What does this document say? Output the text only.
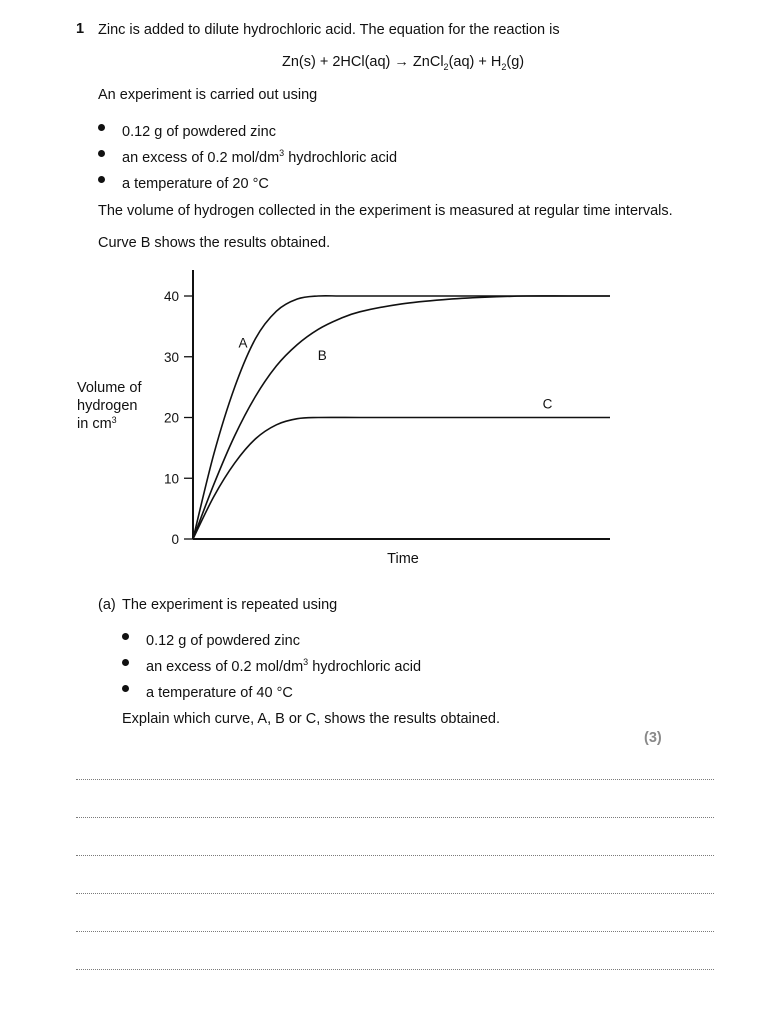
1 Zinc is added to dilute hydrochloric acid. The equation for the reaction is
Zn(s) + 2HCl(aq) → ZnCl$_2$(aq) + $H_2(g)$
An experiment is carried out using
0.12 g of powdered zinc
an excess of 0.2 mol/$dm^3$ hydrochloric acid
a temperature of 20 °C
The volume of hydrogen collected in the experiment is measured at regular time intervals.
Curve B shows the results obtained.
Volume of
hydrogen
in $cm^3$
0
10
20
30
40
A
B
C
Time
(a) The experiment is repeated using
0.12 g of powdered zinc
an excess of 0.2 mol/$dm^3$ hydrochloric acid
a temperature of 40 °C
Explain which curve, A, B or C, shows the results obtained.
(3)
